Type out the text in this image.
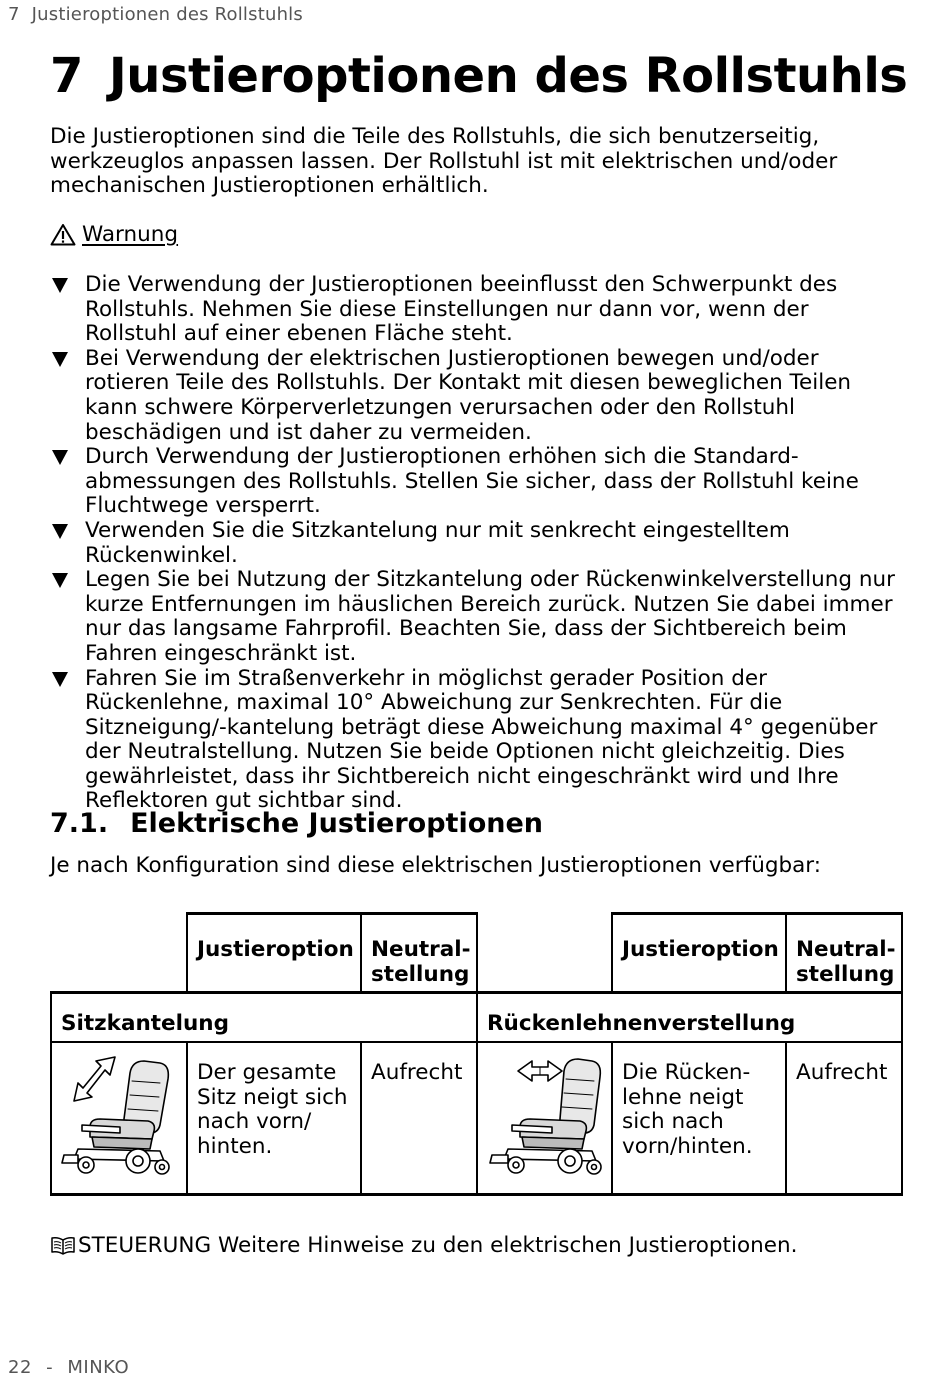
7 Justieroptionen des Rollstuhls
7 Justieroptionen des Rollstuhls

Die Justieroptionen sind die Teile des Rollstuhls, die sich benutzerseitig, werkzeuglos anpassen lassen. Der Rollstuhl ist mit elektrischen und/oder mechanischen Justieroptionen erhältlich.

Warnung
Die Verwendung der Justieroptionen beeinflusst den Schwerpunkt des Rollstuhls. Nehmen Sie diese Einstellungen nur dann vor, wenn der Rollstuhl auf einer ebenen Fläche steht.
Bei Verwendung der elektrischen Justieroptionen bewegen und/oder rotieren Teile des Rollstuhls. Der Kontakt mit diesen beweglichen Teilen kann schwere Körperverletzungen verursachen oder den Rollstuhl beschädigen und ist daher zu vermeiden.
Durch Verwendung der Justieroptionen erhöhen sich die Standardabmessungen des Rollstuhls. Stellen Sie sicher, dass der Rollstuhl keine Fluchtwege versperrt.
Verwenden Sie die Sitzkantelung nur mit senkrecht eingestelltem Rückenwinkel.
Legen Sie bei Nutzung der Sitzkantelung oder Rückenwinkelverstellung nur kurze Entfernungen im häuslichen Bereich zurück. Nutzen Sie dabei immer nur das langsame Fahrprofil. Beachten Sie, dass der Sichtbereich beim Fahren eingeschränkt ist.
Fahren Sie im Straßenverkehr in möglichst gerader Position der Rückenlehne, maximal 10° Abweichung zur Senkrechten. Für die Sitzneigung/-kantelung beträgt diese Abweichung maximal 4° gegenüber der Neutralstellung. Nutzen Sie beide Optionen nicht gleichzeitig. Dies gewährleistet, dass ihr Sichtbereich nicht eingeschränkt wird und Ihre Reflektoren gut sichtbar sind.
7.1. Elektrische Justieroptionen

Je nach Konfiguration sind diese elektrischen Justieroptionen verfügbar:

Justieroption Neutral-
stellung
Justieroption Neutral-
stellung
Sitzkantelung	Rückenlehnenverstellung
Der gesamte
Sitz neigt sich
nach vorn/
hinten.
Aufrecht	Die Rücken-
lehne neigt
sich nach
vorn/hinten.
Aufrecht
STEUERUNG Weitere Hinweise zu den elektrischen Justieroptionen.
22 - MINKO
